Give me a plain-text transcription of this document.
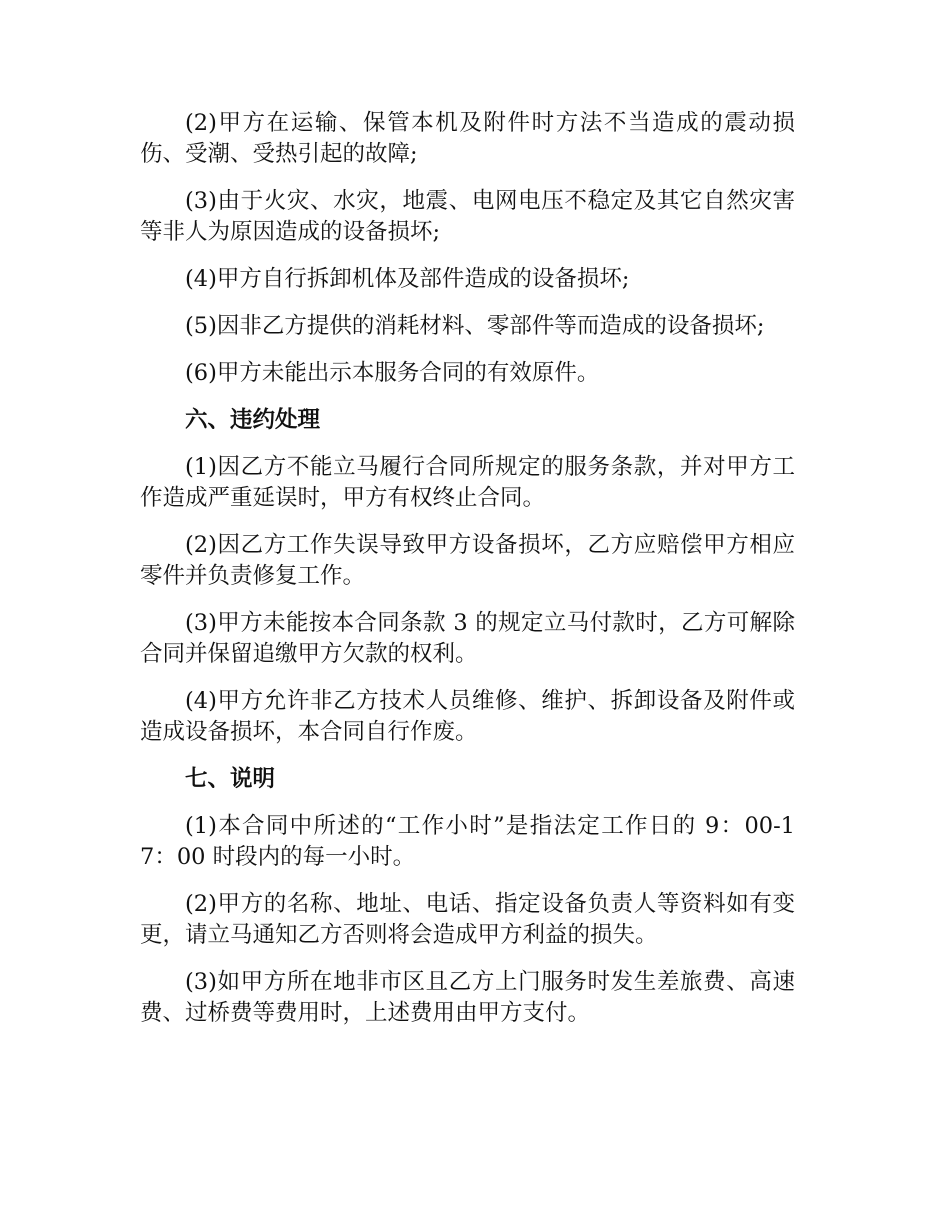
(2)甲方在运输、保管本机及附件时方法不当造成的震动损伤、受潮、受热引起的故障;

(3)由于火灾、水灾，地震、电网电压不稳定及其它自然灾害等非人为原因造成的设备损坏;

(4)甲方自行拆卸机体及部件造成的设备损坏;

(5)因非乙方提供的消耗材料、零部件等而造成的设备损坏;

(6)甲方未能出示本服务合同的有效原件。

六、违约处理

(1)因乙方不能立马履行合同所规定的服务条款，并对甲方工作造成严重延误时，甲方有权终止合同。

(2)因乙方工作失误导致甲方设备损坏，乙方应赔偿甲方相应零件并负责修复工作。

(3)甲方未能按本合同条款 3 的规定立马付款时，乙方可解除合同并保留追缴甲方欠款的权利。

(4)甲方允许非乙方技术人员维修、维护、拆卸设备及附件或造成设备损坏，本合同自行作废。

七、说明

(1)本合同中所述的“工作小时”是指法定工作日的 9：00-17：00 时段内的每一小时。

(2)甲方的名称、地址、电话、指定设备负责人等资料如有变更，请立马通知乙方否则将会造成甲方利益的损失。

(3)如甲方所在地非市区且乙方上门服务时发生差旅费、高速费、过桥费等费用时，上述费用由甲方支付。
